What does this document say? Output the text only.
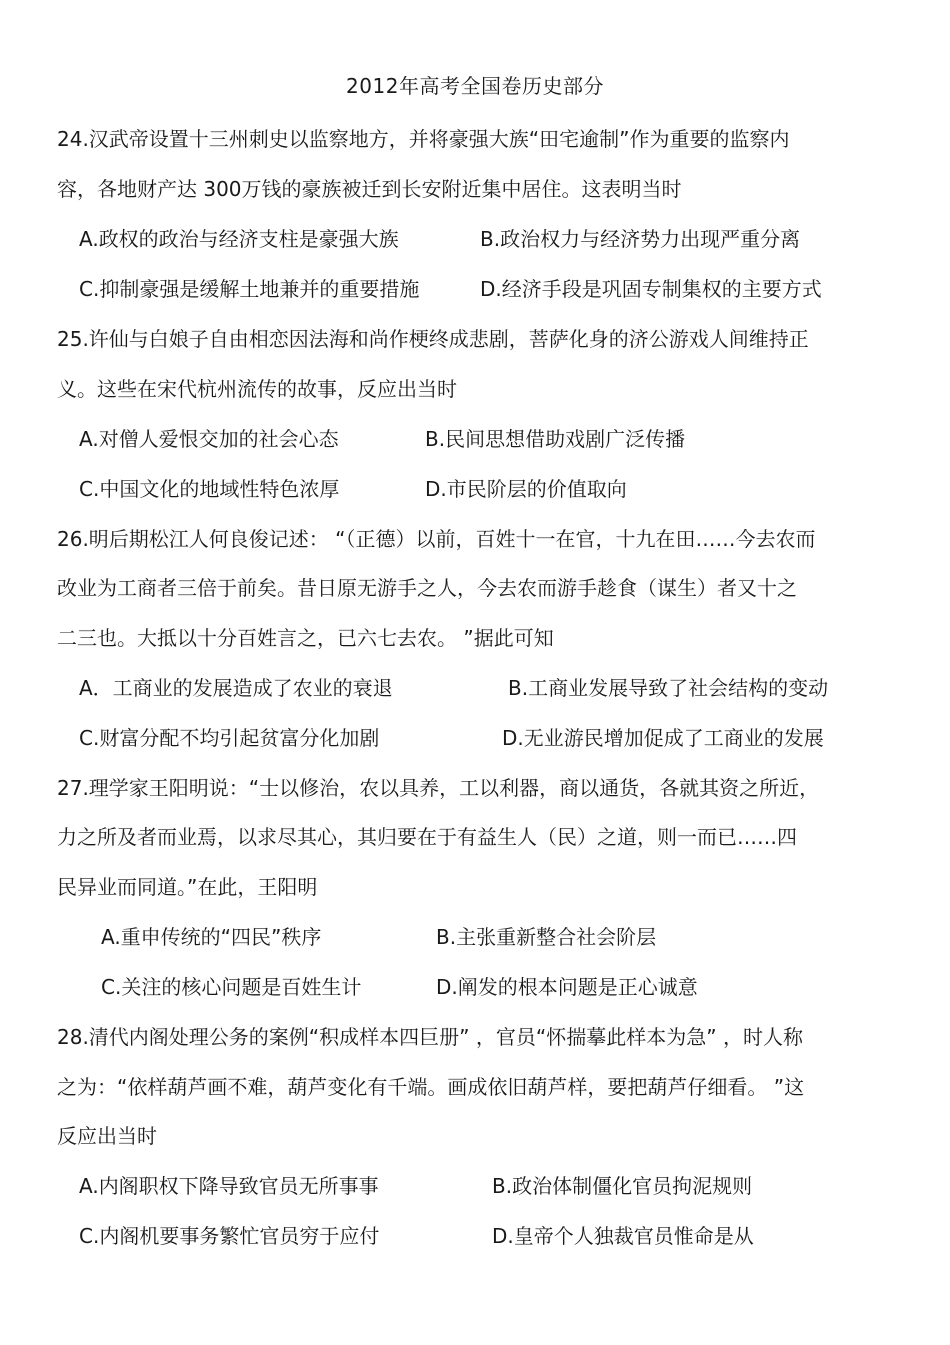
2012年高考全国卷历史部分
24.汉武帝设置十三州刺史以监察地方，并将豪强大族“田宅逾制”作为重要的监察内
容，各地财产达 300万钱的豪族被迁到长安附近集中居住。这表明当时
A.政权的政治与经济支柱是豪强大族	B.政治权力与经济势力出现严重分离
C.抑制豪强是缓解土地兼并的重要措施	D.经济手段是巩固专制集权的主要方式
25.许仙与白娘子自由相恋因法海和尚作梗终成悲剧，菩萨化身的济公游戏人间维持正
义。这些在宋代杭州流传的故事，反应出当时
A.对僧人爱恨交加的社会心态	B.民间思想借助戏剧广泛传播
C.中国文化的地域性特色浓厚	D.市民阶层的价值取向
26.明后期松江人何良俊记述： “（正德）以前，百姓十一在官，十九在田……今去农而
改业为工商者三倍于前矣。昔日原无游手之人，今去农而游手趁食（谋生）者又十之
二三也。大抵以十分百姓言之，已六七去农。 ”据此可知
A．工商业的发展造成了农业的衰退	B.工商业发展导致了社会结构的变动
C.财富分配不均引起贫富分化加剧	D.无业游民增加促成了工商业的发展
27.理学家王阳明说：“士以修治，农以具养，工以利器，商以通货，各就其资之所近，
力之所及者而业焉，以求尽其心，其归要在于有益生人（民）之道，则一而已……四
民异业而同道。”在此，王阳明
A.重申传统的“四民”秩序	B.主张重新整合社会阶层
C.关注的核心问题是百姓生计	D.阐发的根本问题是正心诚意
28.清代内阁处理公务的案例“积成样本四巨册” ，官员“怀揣摹此样本为急” ，时人称
之为：“依样葫芦画不难，葫芦变化有千端。画成依旧葫芦样，要把葫芦仔细看。 ”这
反应出当时
A.内阁职权下降导致官员无所事事	B.政治体制僵化官员拘泥规则
C.内阁机要事务繁忙官员穷于应付	D.皇帝个人独裁官员惟命是从
